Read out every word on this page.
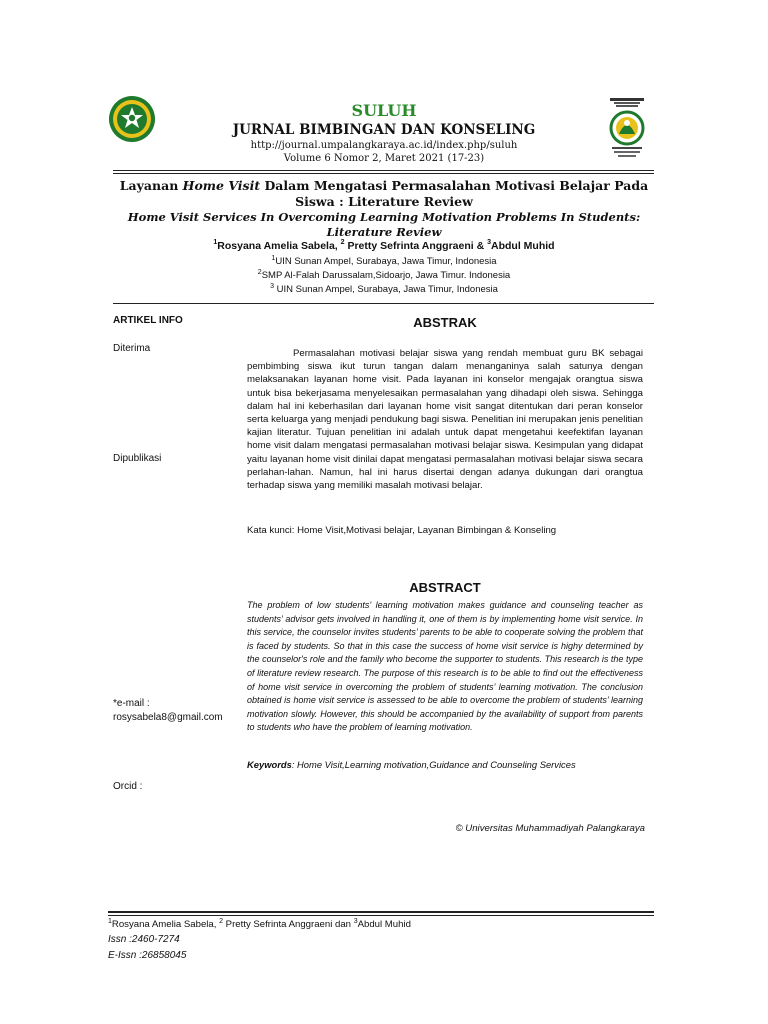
SULUH
JURNAL BIMBINGAN DAN KONSELING
http://journal.umpalangkaraya.ac.id/index.php/suluh
Volume 6 Nomor 2, Maret 2021 (17-23)
Layanan Home Visit Dalam Mengatasi Permasalahan Motivasi Belajar Pada Siswa : Literature Review
Home Visit Services In Overcoming Learning Motivation Problems In Students: Literature Review
$^1$Rosyana Amelia Sabela, $^2$ Pretty Sefrinta Anggraeni & $^3$Abdul Muhid
$^1$UIN Sunan Ampel, Surabaya, Jawa Timur, Indonesia
$^2$SMP Al-Falah Darussalam,Sidoarjo, Jawa Timur. Indonesia
$^3$ UIN Sunan Ampel, Surabaya, Jawa Timur, Indonesia
ARTIKEL INFO
Diterima
Dipublikasi
*e-mail :
rosysabela8@gmail.com
Orcid :
ABSTRAK
Permasalahan motivasi belajar siswa yang rendah membuat guru BK sebagai pembimbing siswa ikut turun tangan dalam menanganinya salah satunya dengan melaksanakan layanan home visit. Pada layanan ini konselor mengajak orangtua siswa untuk bisa bekerjasama menyelesaikan permasalahan yang dihadapi oleh siswa. Sehingga dalam hal ini keberhasilan dari layanan home visit sangat ditentukan dari peran konselor serta keluarga yang menjadi pendukung bagi siswa. Penelitian ini merupakan jenis penelitian kajian literatur. Tujuan penelitian ini adalah untuk dapat mengetahui keefektifan layanan home visit dalam mengatasi permasalahan motivasi belajar siswa. Kesimpulan yang didapat yaitu layanan home visit dinilai dapat mengatasi permasalahan motivasi belajar siswa secara perlahan-lahan. Namun, hal ini harus disertai dengan adanya dukungan dari orangtua terhadap siswa yang memiliki masalah motivasi belajar.
Kata kunci: Home Visit,Motivasi belajar, Layanan Bimbingan & Konseling
ABSTRACT
The problem of low students’ learning motivation makes guidance and counseling teacher as students’ advisor gets involved in handling it, one of them is by implementing home visit service. In this service, the counselor invites students’ parents to be able to cooperate solving the problem that is faced by students. So that in this case the success of home visit service is highy determined by the counselor's role and the family who become the supporter to students. This research is the type of literature review research. The purpose of this research is to be able to find out the effectiveness of home visit service in overcoming the problem of students’ learning motivation. The conclusion obtained is home visit service is assessed to be able to overcome the problem of students’ learning motivation slowly. However, this should be accompanied by the availability of support from parents to students who have the problem of learning motivation.
Keywords: Home Visit,Learning motivation,Guidance and Counseling Services
© Universitas Muhammadiyah Palangkaraya
$^1$Rosyana Amelia Sabela, $^2$ Pretty Sefrinta Anggraeni dan $^3$Abdul Muhid
Issn :2460-7274
E-Issn :26858045
